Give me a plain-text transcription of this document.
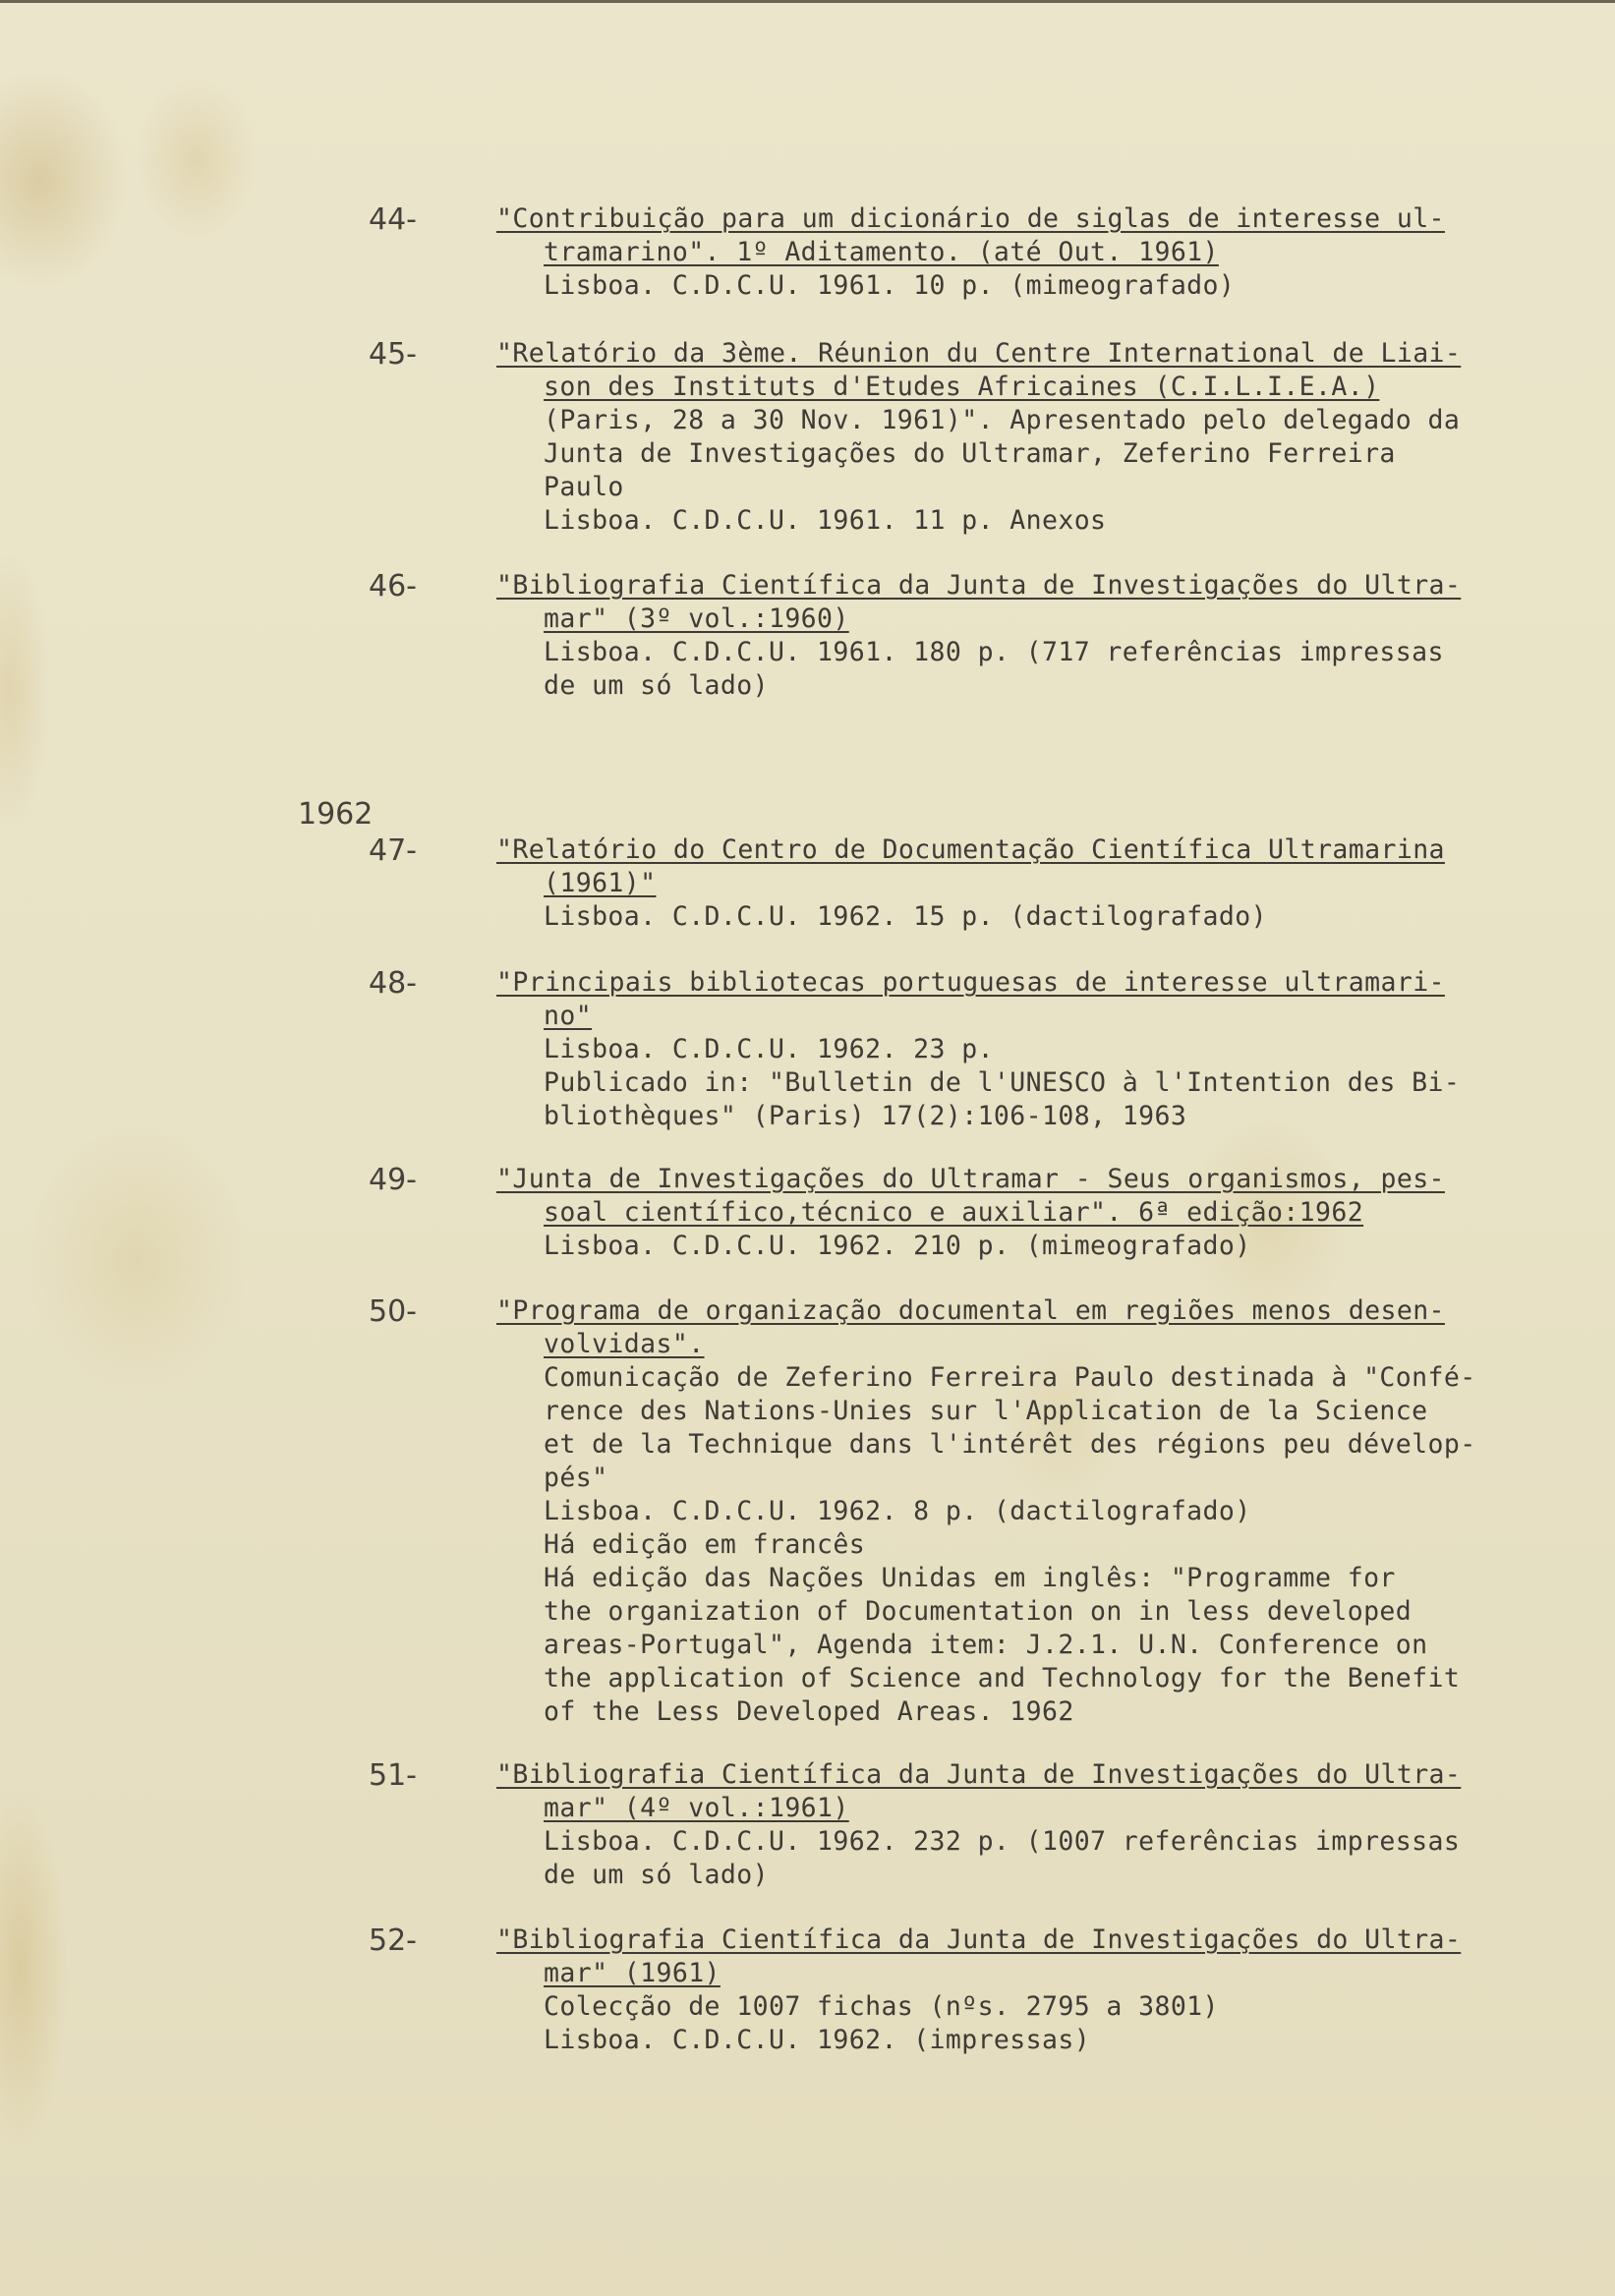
1962
44-	"Contribuição para um dicionário de siglas de interesse ul-
tramarino". 1º Aditamento. (até Out. 1961)
Lisboa. C.D.C.U. 1961. 10 p. (mimeografado)
45-	"Relatório da 3ème. Réunion du Centre International de Liai-
son des Instituts d'Etudes Africaines (C.I.L.I.E.A.)
(Paris, 28 a 30 Nov. 1961)". Apresentado pelo delegado da
Junta de Investigações do Ultramar, Zeferino Ferreira
Paulo
Lisboa. C.D.C.U. 1961. 11 p. Anexos
46-	"Bibliografia Científica da Junta de Investigações do Ultra-
mar" (3º vol.:1960)
Lisboa. C.D.C.U. 1961. 180 p. (717 referências impressas
de um só lado)
47-	"Relatório do Centro de Documentação Científica Ultramarina
(1961)"
Lisboa. C.D.C.U. 1962. 15 p. (dactilografado)
48-	"Principais bibliotecas portuguesas de interesse ultramari-
no"
Lisboa. C.D.C.U. 1962. 23 p.
Publicado in: "Bulletin de l'UNESCO à l'Intention des Bi-
bliothèques" (Paris) 17(2):106-108, 1963
49-	"Junta de Investigações do Ultramar - Seus organismos, pes-
soal científico,técnico e auxiliar". 6ª edição:1962
Lisboa. C.D.C.U. 1962. 210 p. (mimeografado)
50-	"Programa de organização documental em regiões menos desen-
volvidas".
Comunicação de Zeferino Ferreira Paulo destinada à "Confé-
rence des Nations-Unies sur l'Application de la Science
et de la Technique dans l'intérêt des régions peu dévelop-
pés"
Lisboa. C.D.C.U. 1962. 8 p. (dactilografado)
Há edição em francês
Há edição das Nações Unidas em inglês: "Programme for
the organization of Documentation on in less developed
areas-Portugal", Agenda item: J.2.1. U.N. Conference on
the application of Science and Technology for the Benefit
of the Less Developed Areas. 1962
51-	"Bibliografia Científica da Junta de Investigações do Ultra-
mar" (4º vol.:1961)
Lisboa. C.D.C.U. 1962. 232 p. (1007 referências impressas
de um só lado)
52-	"Bibliografia Científica da Junta de Investigações do Ultra-
mar" (1961)
Colecção de 1007 fichas (nºs. 2795 a 3801)
Lisboa. C.D.C.U. 1962. (impressas)
